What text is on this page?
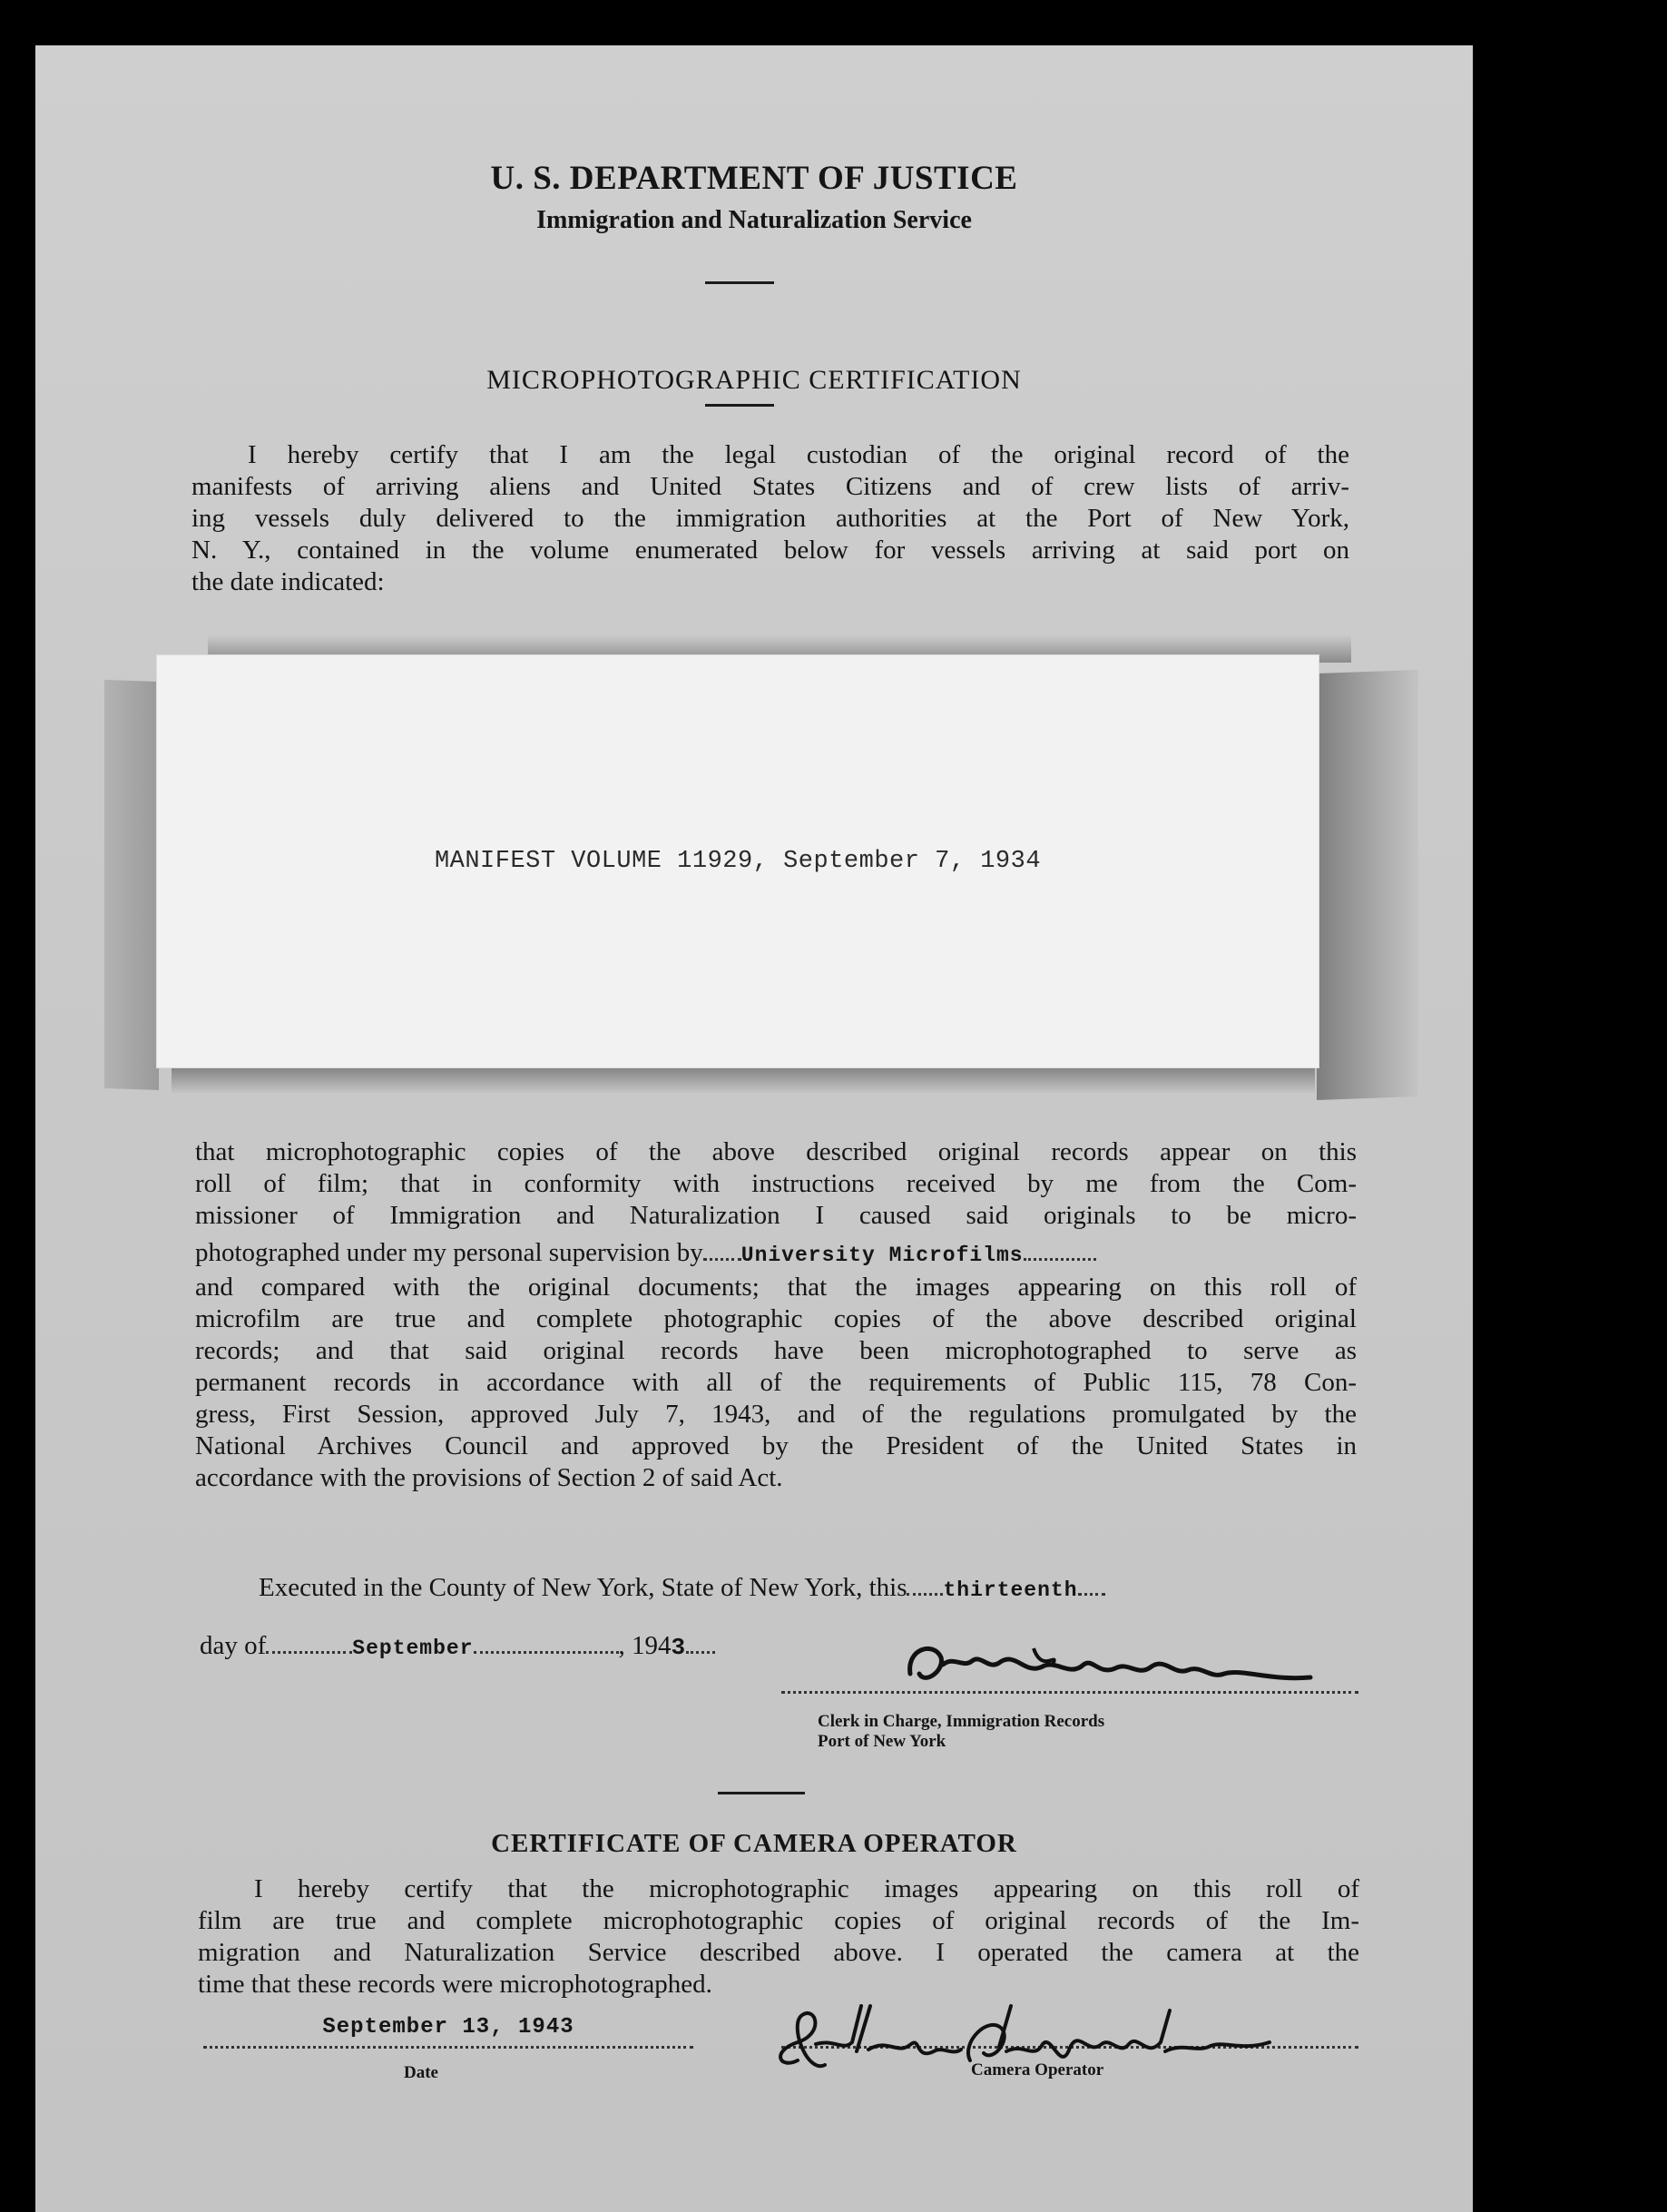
U. S. DEPARTMENT OF JUSTICE
Immigration and Naturalization Service
MICROPHOTOGRAPHIC CERTIFICATION
I hereby certify that I am the legal custodian of the original record of the
manifests of arriving aliens and United States Citizens and of crew lists of arriv-
ing vessels duly delivered to the immigration authorities at the Port of New York,
N. Y., contained in the volume enumerated below for vessels arriving at said port on
the date indicated:
MANIFEST VOLUME 11929, September 7, 1934
that microphotographic copies of the above described original records appear on this
roll of film; that in conformity with instructions received by me from the Com-
missioner of Immigration and Naturalization I caused said originals to be micro-
photographed under my personal supervision by University Microfilms
and compared with the original documents; that the images appearing on this roll of
microfilm are true and complete photographic copies of the above described original
records; and that said original records have been microphotographed to serve as
permanent records in accordance with all of the requirements of Public 115, 78 Con-
gress, First Session, approved July 7, 1943, and of the regulations promulgated by the
National Archives Council and approved by the President of the United States in
accordance with the provisions of Section 2 of said Act.
Executed in the County of New York, State of New York, this thirteenth
day of	September	, 1943
Clerk in Charge, Immigration Records
Port of New York
CERTIFICATE OF CAMERA OPERATOR
I hereby certify that the microphotographic images appearing on this roll of
film are true and complete microphotographic copies of original records of the Im-
migration and Naturalization Service described above. I operated the camera at the
time that these records were microphotographed.
September 13, 1943
Date	Camera Operator
